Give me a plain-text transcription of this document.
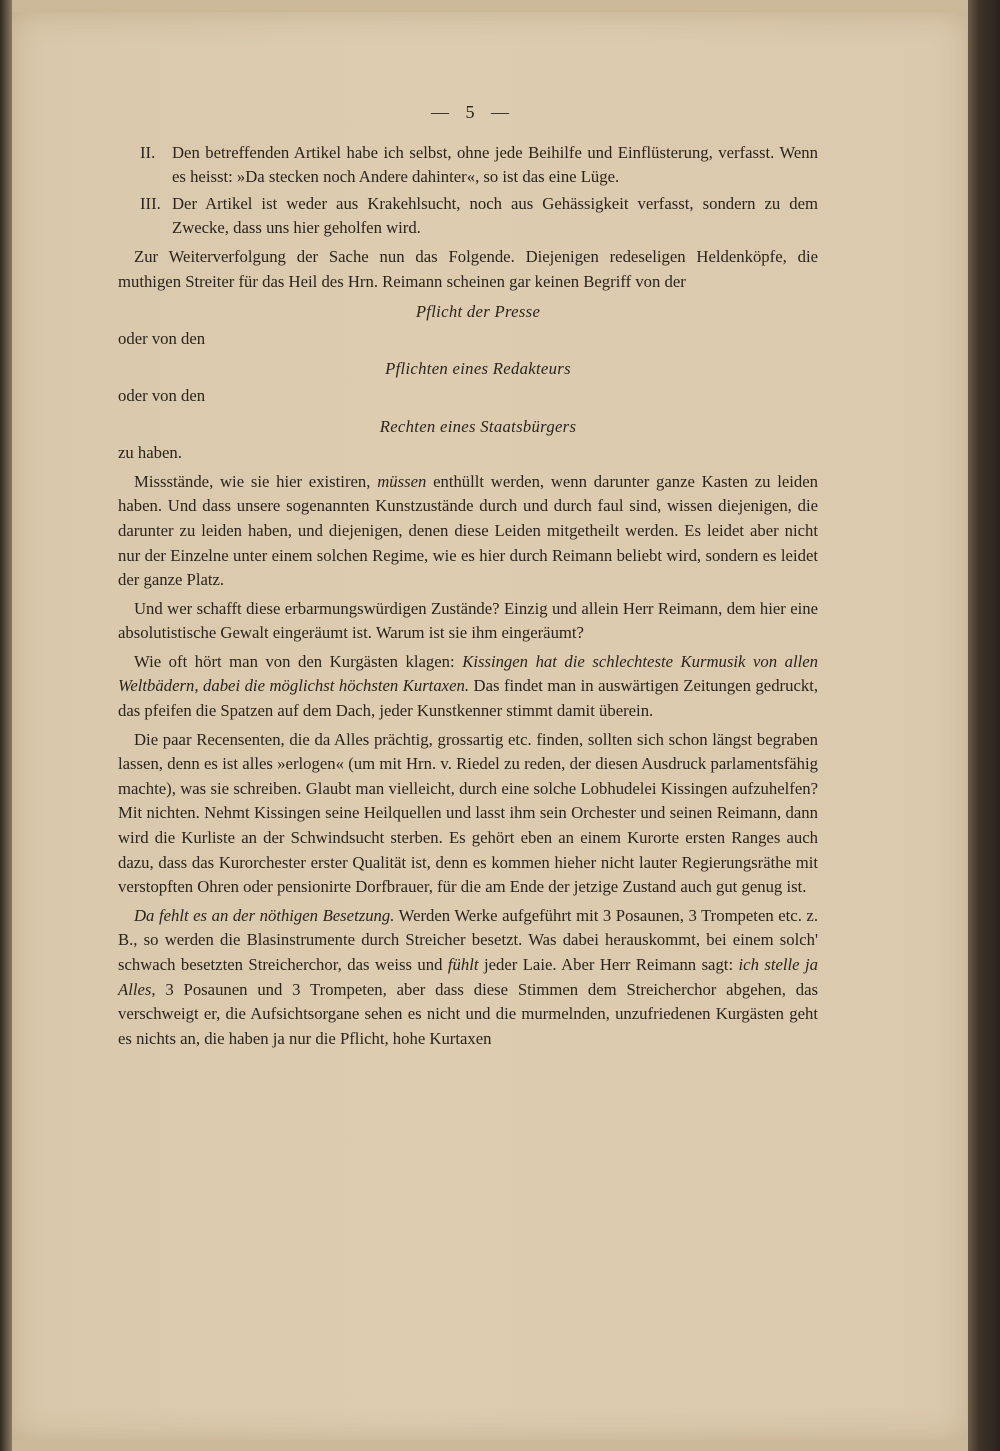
— 5 —
II. Den betreffenden Artikel habe ich selbst, ohne jede Beihilfe und Einflüsterung, verfasst. Wenn es heisst: »Da stecken noch Andere dahinter«, so ist das eine Lüge.
III. Der Artikel ist weder aus Krakehlsucht, noch aus Gehässigkeit verfasst, sondern zu dem Zwecke, dass uns hier geholfen wird.
Zur Weiterverfolgung der Sache nun das Folgende. Diejenigen redeseligen Heldenköpfe, die muthigen Streiter für das Heil des Hrn. Reimann scheinen gar keinen Begriff von der
Pflicht der Presse
oder von den
Pflichten eines Redakteurs
oder von den
Rechten eines Staatsbürgers
zu haben.
Missstände, wie sie hier existiren, müssen enthüllt werden, wenn darunter ganze Kasten zu leiden haben. Und dass unsere sogenannten Kunstzustände durch und durch faul sind, wissen diejenigen, die darunter zu leiden haben, und diejenigen, denen diese Leiden mitgetheilt werden. Es leidet aber nicht nur der Einzelne unter einem solchen Regime, wie es hier durch Reimann beliebt wird, sondern es leidet der ganze Platz.
Und wer schafft diese erbarmungswürdigen Zustände? Einzig und allein Herr Reimann, dem hier eine absolutistische Gewalt eingeräumt ist. Warum ist sie ihm eingeräumt?
Wie oft hört man von den Kurgästen klagen: Kissingen hat die schlechteste Kurmusik von allen Weltbädern, dabei die möglichst höchsten Kurtaxen. Das findet man in auswärtigen Zeitungen gedruckt, das pfeifen die Spatzen auf dem Dach, jeder Kunstkenner stimmt damit überein.
Die paar Recensenten, die da Alles prächtig, grossartig etc. finden, sollten sich schon längst begraben lassen, denn es ist alles »erlogen« (um mit Hrn. v. Riedel zu reden, der diesen Ausdruck parlamentsfähig machte), was sie schreiben. Glaubt man vielleicht, durch eine solche Lobhudelei Kissingen aufzuhelfen? Mit nichten. Nehmt Kissingen seine Heilquellen und lasst ihm sein Orchester und seinen Reimann, dann wird die Kurliste an der Schwindsucht sterben. Es gehört eben an einem Kurorte ersten Ranges auch dazu, dass das Kurorchester erster Qualität ist, denn es kommen hieher nicht lauter Regierungsräthe mit verstopften Ohren oder pensionirte Dorfbrauer, für die am Ende der jetzige Zustand auch gut genug ist.
Da fehlt es an der nöthigen Besetzung. Werden Werke aufgeführt mit 3 Posaunen, 3 Trompeten etc. z. B., so werden die Blasinstrumente durch Streicher besetzt. Was dabei herauskommt, bei einem solch' schwach besetzten Streicherchor, das weiss und fühlt jeder Laie. Aber Herr Reimann sagt: ich stelle ja Alles, 3 Posaunen und 3 Trompeten, aber dass diese Stimmen dem Streicherchor abgehen, das verschweigt er, die Aufsichtsorgane sehen es nicht und die murmelnden, unzufriedenen Kurgästen geht es nichts an, die haben ja nur die Pflicht, hohe Kurtaxen
